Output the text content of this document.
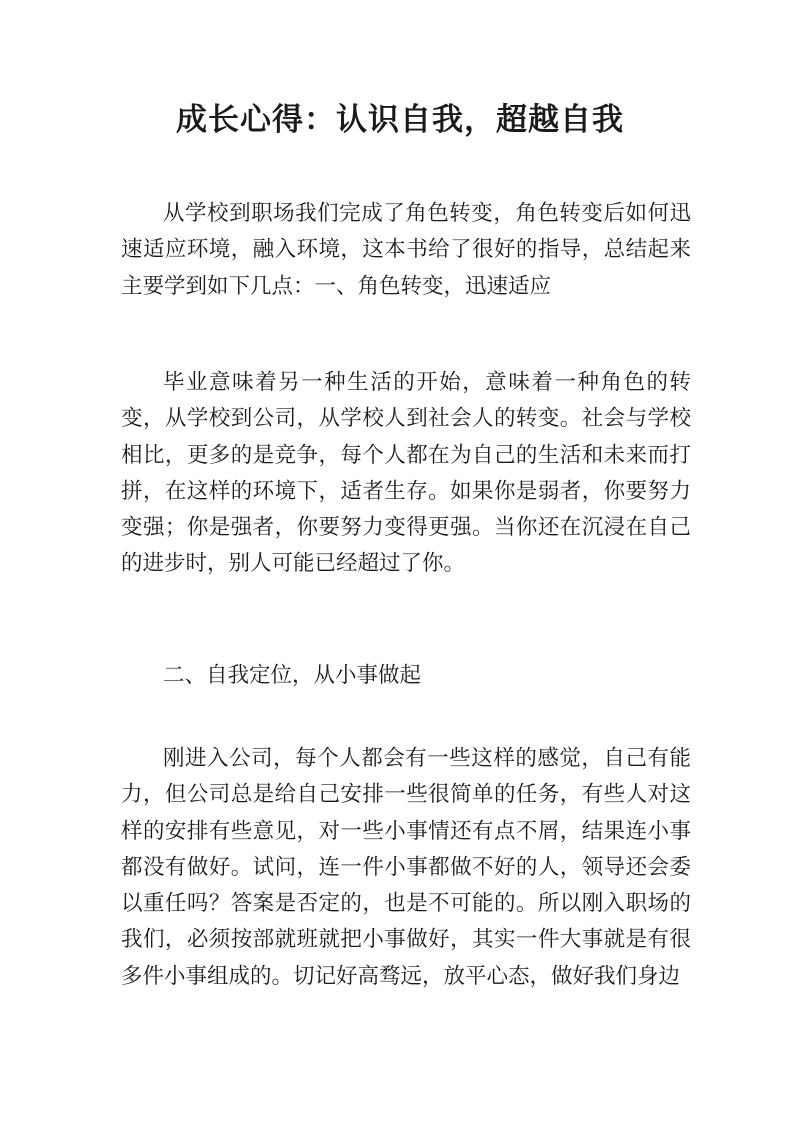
成长心得：认识自我，超越自我

从学校到职场我们完成了角色转变，角色转变后如何迅速适应环境，融入环境，这本书给了很好的指导，总结起来主要学到如下几点：一、角色转变，迅速适应

毕业意味着另一种生活的开始，意味着一种角色的转变，从学校到公司，从学校人到社会人的转变。社会与学校相比，更多的是竞争，每个人都在为自己的生活和未来而打拼，在这样的环境下，适者生存。如果你是弱者，你要努力变强；你是强者，你要努力变得更强。当你还在沉浸在自己的进步时，别人可能已经超过了你。

二、自我定位，从小事做起

刚进入公司，每个人都会有一些这样的感觉，自己有能力，但公司总是给自己安排一些很简单的任务，有些人对这样的安排有些意见，对一些小事情还有点不屑，结果连小事都没有做好。试问，连一件小事都做不好的人，领导还会委以重任吗？答案是否定的，也是不可能的。所以刚入职场的我们，必须按部就班就把小事做好，其实一件大事就是有很多件小事组成的。切记好高骛远，放平心态，做好我们身边
